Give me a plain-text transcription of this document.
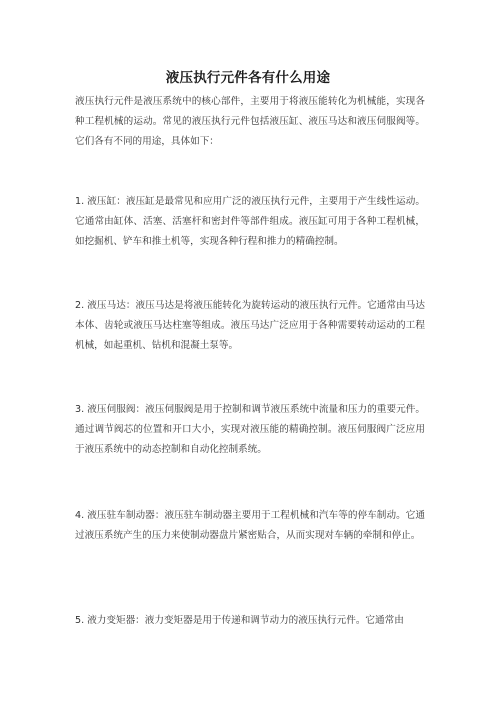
液压执行元件各有什么用途

液压执行元件是液压系统中的核心部件，主要用于将液压能转化为机械能，实现各种工程机械的运动。常见的液压执行元件包括液压缸、液压马达和液压伺服阀等。它们各有不同的用途，具体如下：

1. 液压缸：液压缸是最常见和应用广泛的液压执行元件，主要用于产生线性运动。它通常由缸体、活塞、活塞杆和密封件等部件组成。液压缸可用于各种工程机械，如挖掘机、铲车和推土机等，实现各种行程和推力的精确控制。

2. 液压马达：液压马达是将液压能转化为旋转运动的液压执行元件。它通常由马达本体、齿轮或液压马达柱塞等组成。液压马达广泛应用于各种需要转动运动的工程机械，如起重机、钻机和混凝土泵等。

3. 液压伺服阀：液压伺服阀是用于控制和调节液压系统中流量和压力的重要元件。通过调节阀芯的位置和开口大小，实现对液压能的精确控制。液压伺服阀广泛应用于液压系统中的动态控制和自动化控制系统。

4. 液压驻车制动器：液压驻车制动器主要用于工程机械和汽车等的停车制动。它通过液压系统产生的压力来使制动器盘片紧密贴合，从而实现对车辆的牵制和停止。

5. 液力变矩器：液力变矩器是用于传递和调节动力的液压执行元件。它通常由
